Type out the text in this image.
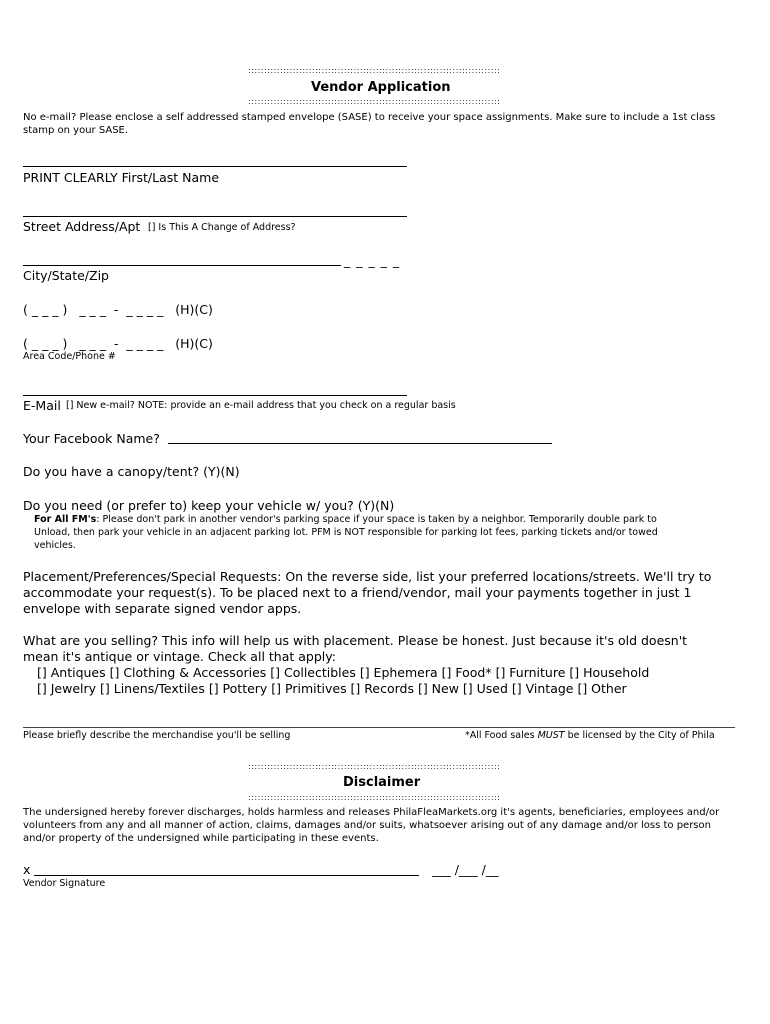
:::::::::::::::::::::::::::::::::::::::::::::::::::::::::::::::::::::::::::::::
Vendor Application
:::::::::::::::::::::::::::::::::::::::::::::::::::::::::::::::::::::::::::::::
No e-mail? Please enclose a self addressed stamped envelope (SASE) to receive your space assignments. Make sure to include a 1st class
stamp on your SASE.
PRINT CLEARLY First/Last Name
Street Address/Apt [] Is This A Change of Address?
_ _ _ _ _
City/State/Zip
( _ _ _ )   _ _ _  -  _ _ _ _   (H)(C)
( _ _ _ )   _ _ _  -  _ _ _ _   (H)(C)
Area Code/Phone #
E-Mail [] New e-mail? NOTE: provide an e-mail address that you check on a regular basis
Your Facebook Name?
Do you have a canopy/tent? (Y)(N)
Do you need (or prefer to) keep your vehicle w/ you? (Y)(N)
For All FM's: Please don't park in another vendor's parking space if your space is taken by a neighbor. Temporarily double park to
Unload, then park your vehicle in an adjacent parking lot. PFM is NOT responsible for parking lot fees, parking tickets and/or towed
vehicles.
Placement/Preferences/Special Requests: On the reverse side, list your preferred locations/streets. We'll try to
accommodate your request(s). To be placed next to a friend/vendor, mail your payments together in just 1
envelope with separate signed vendor apps.
What are you selling? This info will help us with placement. Please be honest. Just because it's old doesn't
mean it's antique or vintage. Check all that apply:
[] Antiques [] Clothing & Accessories [] Collectibles [] Ephemera [] Food* [] Furniture [] Household
[] Jewelry [] Linens/Textiles [] Pottery [] Primitives [] Records [] New [] Used [] Vintage [] Other
Please briefly describe the merchandise you'll be selling	*All Food sales MUST be licensed by the City of Phila
:::::::::::::::::::::::::::::::::::::::::::::::::::::::::::::::::::::::::::::::
Disclaimer
:::::::::::::::::::::::::::::::::::::::::::::::::::::::::::::::::::::::::::::::
The undersigned hereby forever discharges, holds harmless and releases PhilaFleaMarkets.org it's agents, beneficiaries, employees and/or
volunteers from any and all manner of action, claims, damages and/or suits, whatsoever arising out of any damage and/or loss to person
and/or property of the undersigned while participating in these events.
x	___ /___ /__
Vendor Signature
